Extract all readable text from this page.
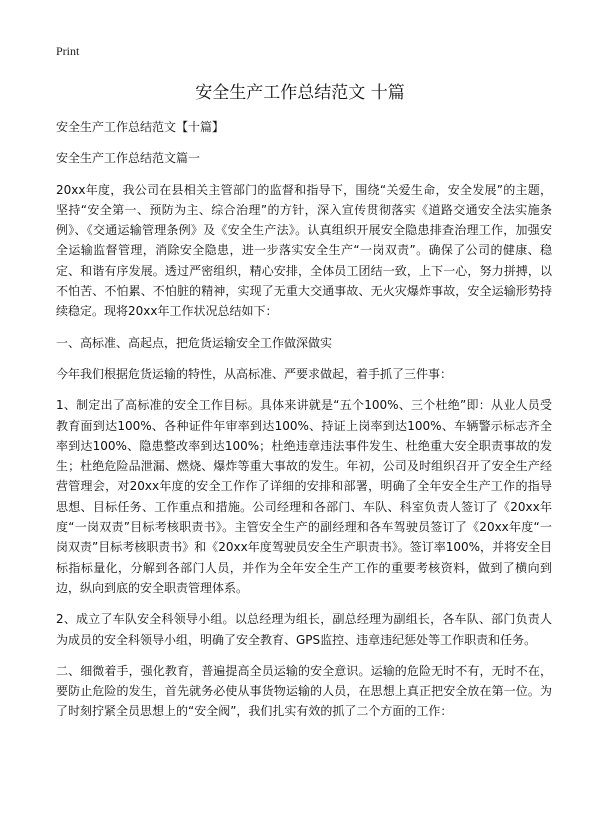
Print
安全生产工作总结范文 十篇

安全生产工作总结范文【十篇】

安全生产工作总结范文篇一

20xx年度，我公司在县相关主管部门的监督和指导下，围绕“关爱生命，安全发展”的主题，坚持“安全第一、预防为主、综合治理”的方针，深入宣传贯彻落实《道路交通安全法实施条例》、《交通运输管理条例》及《安全生产法》。认真组织开展安全隐患排查治理工作，加强安全运输监督管理，消除安全隐患，进一步落实安全生产“一岗双责”。确保了公司的健康、稳定、和谐有序发展。透过严密组织，精心安排，全体员工团结一致，上下一心，努力拼搏，以不怕苦、不怕累、不怕脏的精神，实现了无重大交通事故、无火灾爆炸事故，安全运输形势持续稳定。现将20xx年工作状况总结如下：

一、高标准、高起点，把危货运输安全工作做深做实

今年我们根据危货运输的特性，从高标准、严要求做起，着手抓了三件事：

1、制定出了高标准的安全工作目标。具体来讲就是“五个100%、三个杜绝”即：从业人员受教育面到达100%、各种证件年审率到达100%、持证上岗率到达100%、车辆警示标志齐全率到达100%、隐患整改率到达100%；杜绝违章违法事件发生、杜绝重大安全职责事故的发生；杜绝危险品泄漏、燃烧、爆炸等重大事故的发生。年初，公司及时组织召开了安全生产经营管理会，对20xx年度的安全工作作了详细的安排和部署，明确了全年安全生产工作的指导思想、目标任务、工作重点和措施。公司经理和各部门、车队、科室负责人签订了《20xx年度“一岗双责”目标考核职责书》。主管安全生产的副经理和各车驾驶员签订了《20xx年度“一岗双责”目标考核职责书》和《20xx年度驾驶员安全生产职责书》。签订率100%，并将安全目标指标量化，分解到各部门人员，并作为全年安全生产工作的重要考核资料，做到了横向到边，纵向到底的安全职责管理体系。

2、成立了车队安全科领导小组。以总经理为组长，副总经理为副组长，各车队、部门负责人为成员的安全科领导小组，明确了安全教育、GPS监控、违章违纪惩处等工作职责和任务。

二、细微着手，强化教育，普遍提高全员运输的安全意识。运输的危险无时不有，无时不在，要防止危险的发生，首先就务必使从事货物运输的人员，在思想上真正把安全放在第一位。为了时刻拧紧全员思想上的“安全阀”，我们扎实有效的抓了二个方面的工作：
